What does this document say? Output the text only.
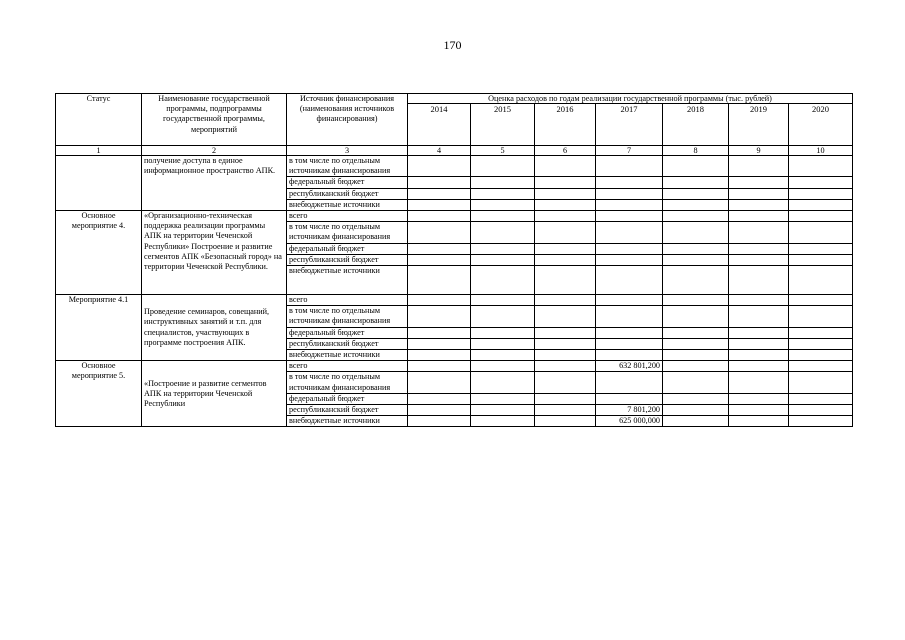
170
Статус	Наименование государственной программы, подпрограммы государственной программы, мероприятий	Источник финансирования (наименования источников финансирования)	Оценка расходов по годам реализации государственной программы (тыс. рублей)						
			2014	2015	2016	2017	2018	2019	2020
1	2	3	4	5	6	7	8	9	10
	получение доступа в единое информационное пространство АПК.	в том числе по отдельным источникам финансирования							
		федеральный бюджет							
		республиканский бюджет							
		внебюджетные источники							
Основное мероприятие 4.	«Организационно-техническая поддержка реализации программы АПК на территории Чеченской Республики» Построение и развитие сегментов АПК «Безопасный город» на территории Чеченской Республики.	всего							
		в том числе по отдельным источникам финансирования							
		федеральный бюджет							
		республиканский бюджет							
		внебюджетные источники							
Мероприятие 4.1	Проведение семинаров, совещаний, инструктивных занятий и т.п. для специалистов, участвующих в программе построения АПК.	всего							
		в том числе по отдельным источникам финансирования							
		федеральный бюджет							
		республиканский бюджет							
		внебюджетные источники							
Основное мероприятие 5.	«Построение и развитие сегментов АПК на территории Чеченской Республики	всего				632 801,200			
		в том числе по отдельным источникам финансирования							
		федеральный бюджет							
		республиканский бюджет				7 801,200			
		внебюджетные источники				625 000,000			
